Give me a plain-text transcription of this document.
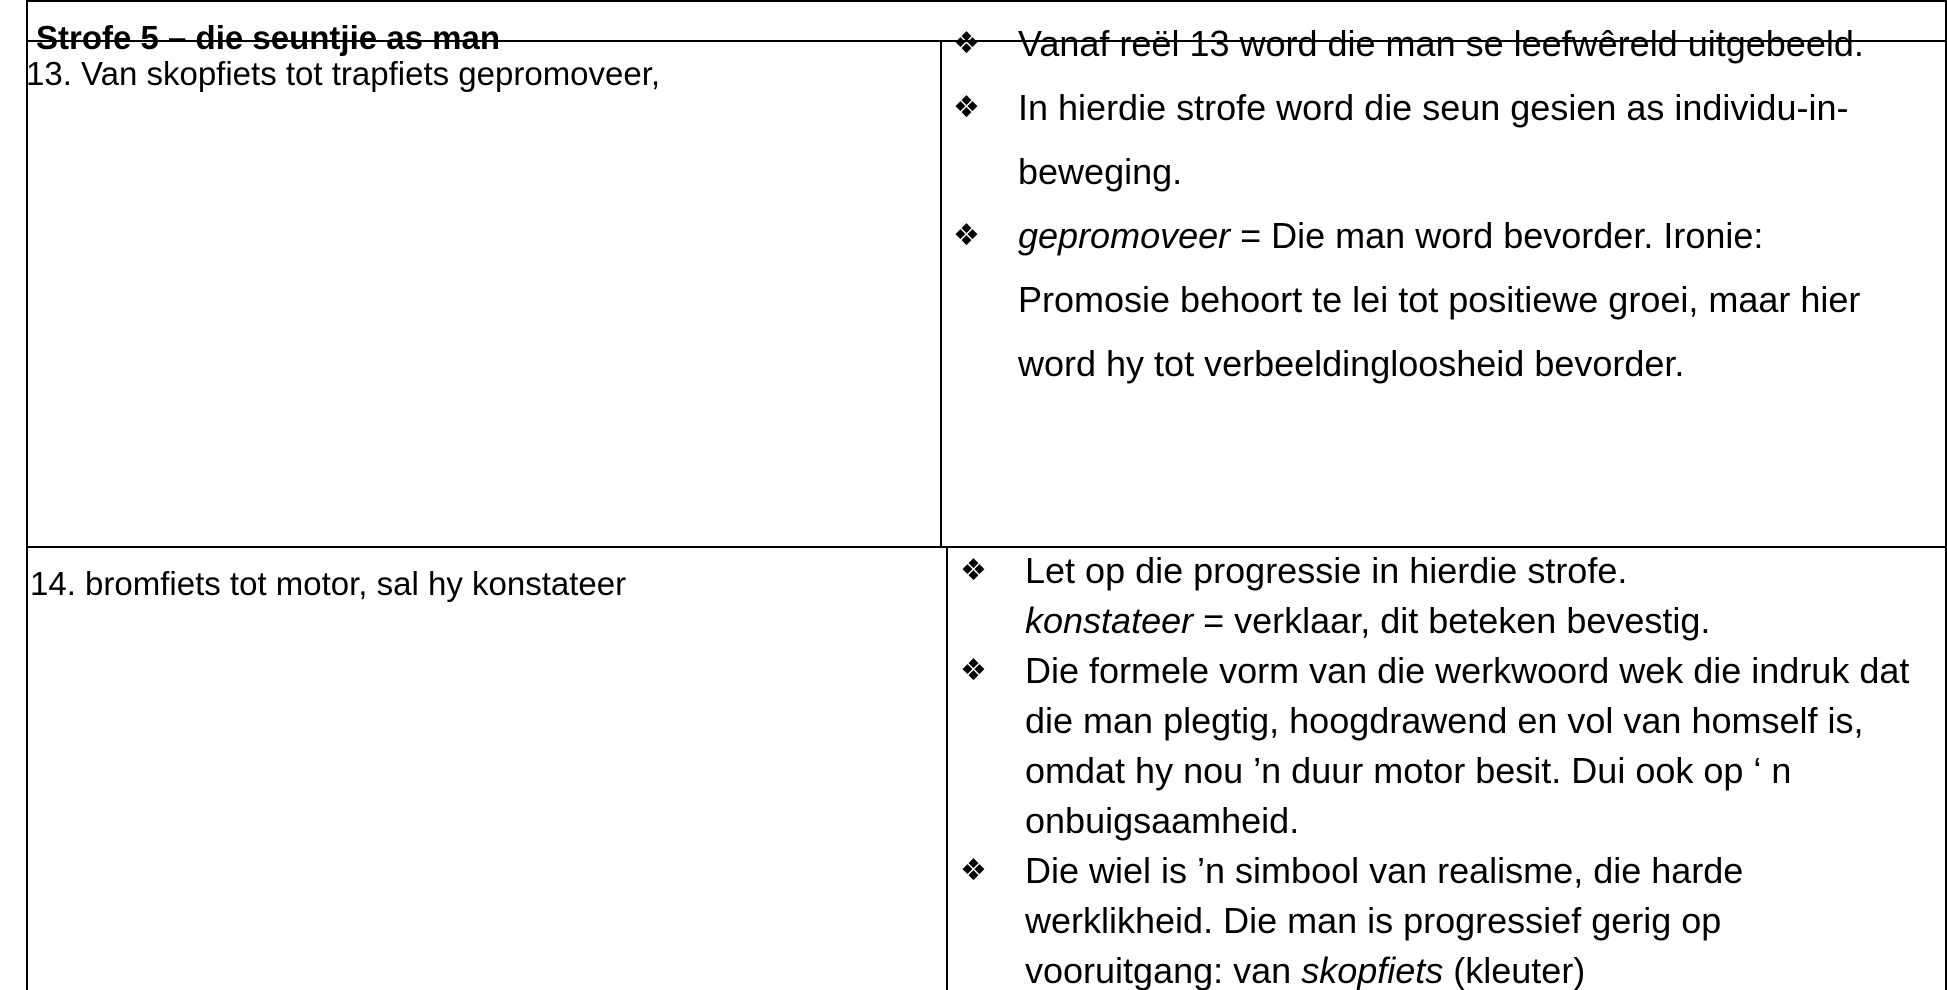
Strofe 5 – die seuntjie as man
13. Van skopfiets tot trapfiets gepromoveer,
❖ Vanaf reël 13 word die man se leefwêreld uitgebeeld.
❖ In hierdie strofe word die seun gesien as individu-in-beweging.
❖ gepromoveer = Die man word bevorder. Ironie: Promosie behoort te lei tot positiewe groei, maar hier word hy tot verbeeldingloosheid bevorder.
14. bromfiets tot motor, sal hy konstateer	❖ Let op die progressie in hierdie strofe.
konstateer = verklaar, dit beteken bevestig.
❖ Die formele vorm van die werkwoord wek die indruk dat die man plegtig, hoogdrawend en vol van homself is, omdat hy nou ’n duur motor besit. Dui ook op ‘ n onbuigsaamheid.
❖ Die wiel is ’n simbool van realisme, die harde werklikheid. Die man is progressief gerig op vooruitgang: van skopfiets (kleuter)
